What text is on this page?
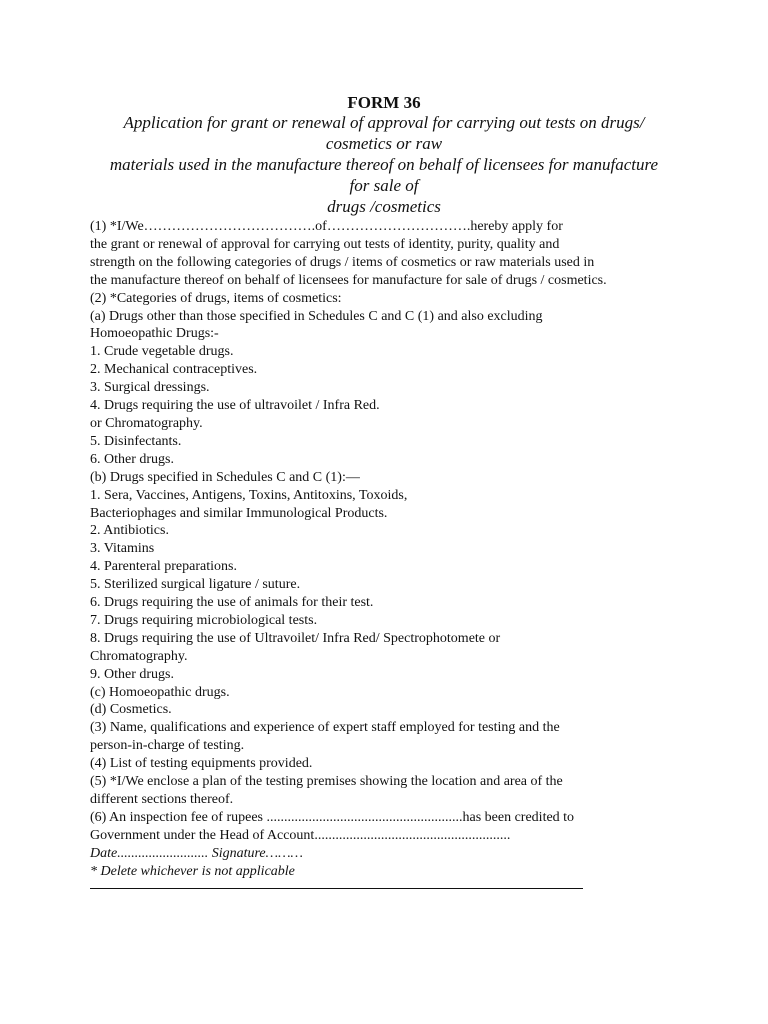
FORM 36
Application for grant or renewal of approval for carrying out tests on drugs/
cosmetics or raw
materials used in the manufacture thereof on behalf of licensees for manufacture
for sale of
drugs /cosmetics
(1) *I/We……………………………….of………………………….hereby apply for
the grant or renewal of approval for carrying out tests of identity, purity, quality and
strength on the following categories of drugs / items of cosmetics or raw materials used in
the manufacture thereof on behalf of licensees for manufacture for sale of drugs / cosmetics.
(2) *Categories of drugs, items of cosmetics:
(a) Drugs other than those specified in Schedules C and C (1) and also excluding
Homoeopathic Drugs:-
1. Crude vegetable drugs.
2. Mechanical contraceptives.
3. Surgical dressings.
4. Drugs requiring the use of ultravoilet / Infra Red.
or Chromatography.
5. Disinfectants.
6. Other drugs.
(b) Drugs specified in Schedules C and C (1):—
1. Sera, Vaccines, Antigens, Toxins, Antitoxins, Toxoids,
Bacteriophages and similar Immunological Products.
2. Antibiotics.
3. Vitamins
4. Parenteral preparations.
5. Sterilized surgical ligature / suture.
6. Drugs requiring the use of animals for their test.
7. Drugs requiring microbiological tests.
8. Drugs requiring the use of Ultravoilet/ Infra Red/ Spectrophotomete or
Chromatography.
9. Other drugs.
(c) Homoeopathic drugs.
(d) Cosmetics.
(3) Name, qualifications and experience of expert staff employed for testing and the
person-in-charge of testing.
(4) List of testing equipments provided.
(5) *I/We enclose a plan of the testing premises showing the location and area of the
different sections thereof.
(6) An inspection fee of rupees ........................................................has been credited to
Government under the Head of Account........................................................
Date.......................... Signature………
* Delete whichever is not applicable
